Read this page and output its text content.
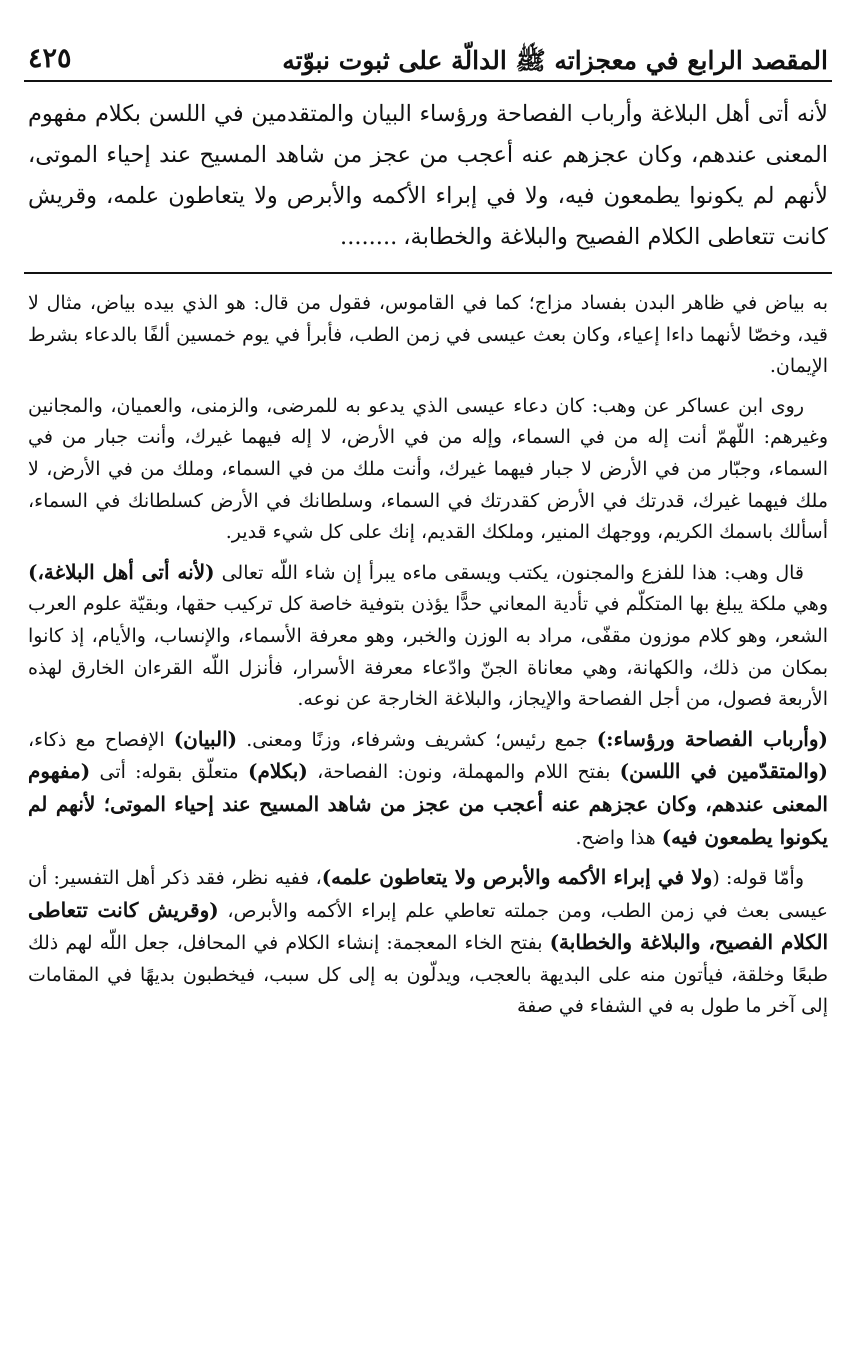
المقصد الرابع في معجزاته ﷺ الدالّة على ثبوت نبوّته
٤٢٥

لأنه أتى أهل البلاغة وأرباب الفصاحة ورؤساء البيان والمتقدمين في اللسن بكلام مفهوم المعنى عندهم، وكان عجزهم عنه أعجب من عجز من شاهد المسيح عند إحياء الموتى، لأنهم لم يكونوا يطمعون فيه، ولا في إبراء الأكمه والأبرص ولا يتعاطون علمه، وقريش كانت تتعاطى الكلام الفصيح والبلاغة والخطابة،........

به بياض في ظاهر البدن بفساد مزاج؛ كما في القاموس، فقول من قال: هو الذي بيده بياض، مثال لا قيد، وخصّا لأنهما داءا إعياء، وكان بعث عيسى في زمن الطب، فأبرأ في يوم خمسين ألفًا بالدعاء بشرط الإيمان.

روى ابن عساكر عن وهب: كان دعاء عيسى الذي يدعو به للمرضى، والزمنى، والعميان، والمجانين وغيرهم: اللّهمّ أنت إله من في السماء، وإله من في الأرض، لا إله فيهما غيرك، وأنت جبار من في السماء، وجبّار من في الأرض لا جبار فيهما غيرك، وأنت ملك من في السماء، وملك من في الأرض، لا ملك فيهما غيرك، قدرتك في الأرض كقدرتك في السماء، وسلطانك في الأرض كسلطانك في السماء، أسألك باسمك الكريم، ووجهك المنير، وملكك القديم، إنك على كل شيء قدير.

قال وهب: هذا للفزع والمجنون، يكتب ويسقى ماءه يبرأ إن شاء اللّه تعالى (لأنه أتى أهل البلاغة،) وهي ملكة يبلغ بها المتكلّم في تأدية المعاني حدًّا يؤذن بتوفية خاصة كل تركيب حقها، وبقيّة علوم العرب الشعر، وهو كلام موزون مقفّى، مراد به الوزن والخبر، وهو معرفة الأسماء، والإنساب، والأيام، إذ كانوا بمكان من ذلك، والكهانة، وهي معاناة الجنّ وادّعاء معرفة الأسرار، فأنزل اللّه القرءان الخارق لهذه الأربعة فصول، من أجل الفصاحة والإيجاز، والبلاغة الخارجة عن نوعه.

(وأرباب الفصاحة ورؤساء:) جمع رئيس؛ كشريف وشرفاء، وزنًا ومعنى. (البيان) الإفصاح مع ذكاء، (والمتقدّمين في اللسن) بفتح اللام والمهملة، ونون: الفصاحة، (بكلام) متعلّق بقوله: أتى (مفهوم المعنى عندهم، وكان عجزهم عنه أعجب من عجز من شاهد المسيح عند إحياء الموتى؛ لأنهم لم يكونوا يطمعون فيه) هذا واضح.

وأمّا قوله: (ولا في إبراء الأكمه والأبرص ولا يتعاطون علمه)، ففيه نظر، فقد ذكر أهل التفسير: أن عيسى بعث في زمن الطب، ومن جملته تعاطي علم إبراء الأكمه والأبرص، (وقريش كانت تتعاطى الكلام الفصيح، والبلاغة والخطابة) بفتح الخاء المعجمة: إنشاء الكلام في المحافل، جعل اللّه لهم ذلك طبعًا وخلقة، فيأتون منه على البديهة بالعجب، ويدلّون به إلى كل سبب، فيخطبون بديهًا في المقامات إلى آخر ما طول به في الشفاء في صفة
